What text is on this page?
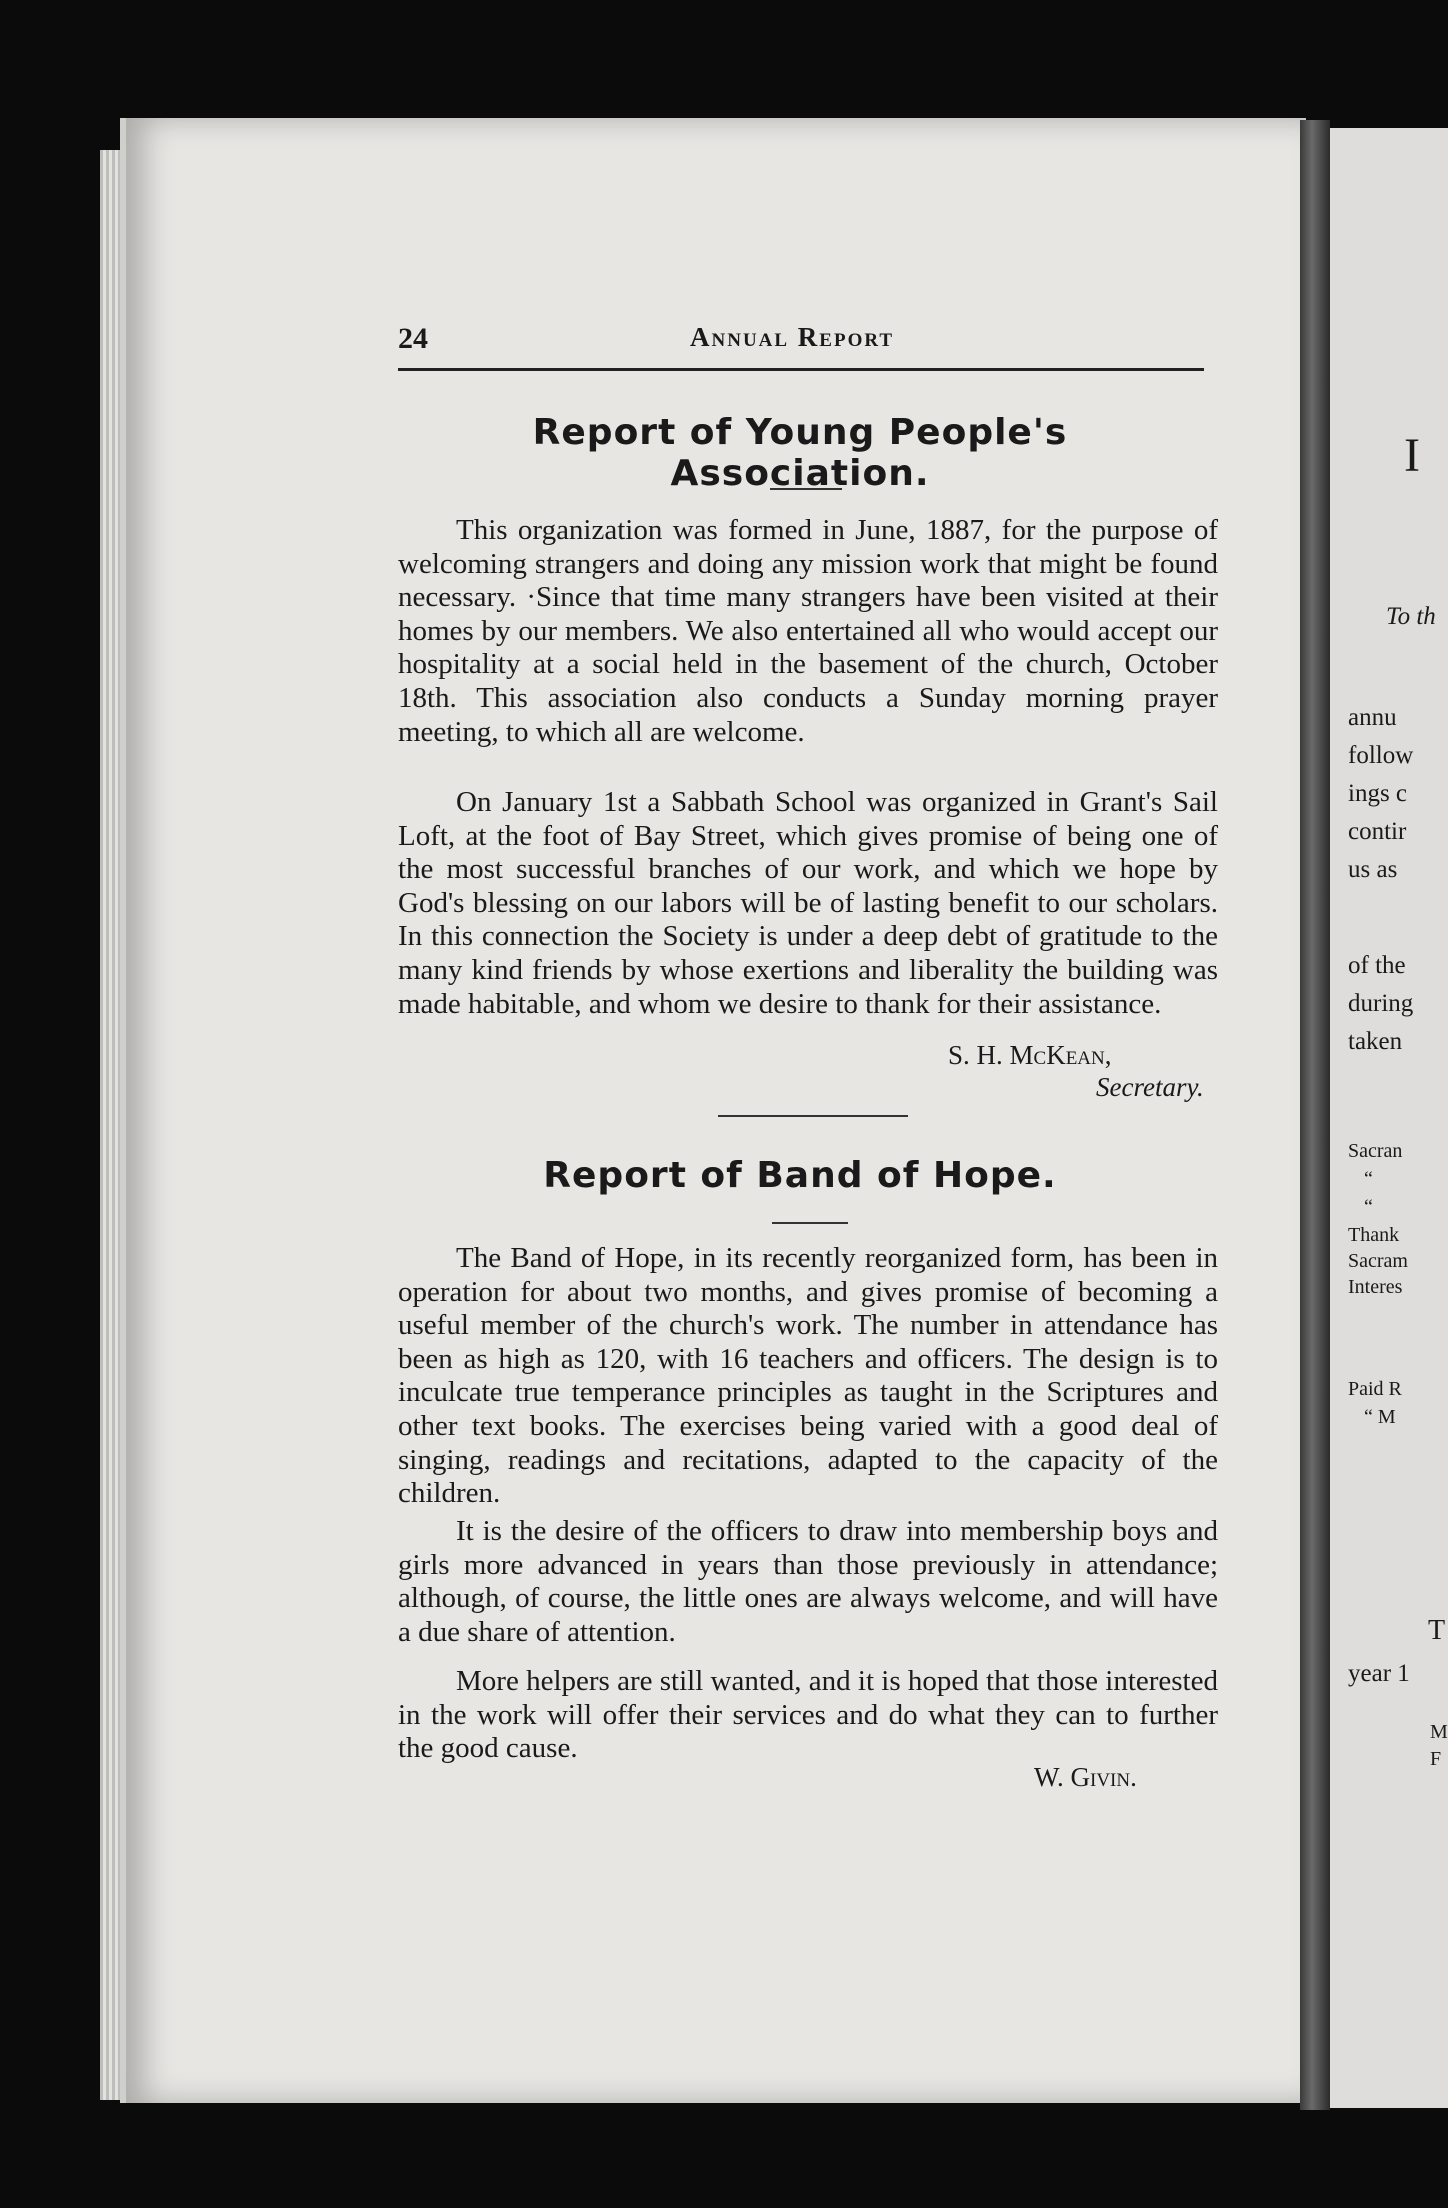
I
To th
annu
follow
ings c
contir
us as
of the
during
taken
Sacran
“
“
Thank
Sacram
Interes
Paid R
“ M
T
year 1
M
F
24	Annual Report
Report of Young People's Association.

This organization was formed in June, 1887, for the purpose of welcoming strangers and doing any mission work that might be found necessary. ·Since that time many strangers have been visited at their homes by our members. We also entertained all who would accept our hospitality at a social held in the basement of the church, October 18th. This association also conducts a Sunday morning prayer meeting, to which all are welcome.

On January 1st a Sabbath School was organized in Grant's Sail Loft, at the foot of Bay Street, which gives promise of being one of the most successful branches of our work, and which we hope by God's blessing on our labors will be of lasting benefit to our scholars. In this connection the Society is under a deep debt of gratitude to the many kind friends by whose exertions and liberality the building was made habitable, and whom we desire to thank for their assistance.

S. H. McKean,
Secretary.
Report of Band of Hope.

The Band of Hope, in its recently reorganized form, has been in operation for about two months, and gives promise of becoming a useful member of the church's work. The number in attendance has been as high as 120, with 16 teachers and officers. The design is to inculcate true temperance principles as taught in the Scriptures and other text books. The exercises being varied with a good deal of singing, readings and recitations, adapted to the capacity of the children.

It is the desire of the officers to draw into membership boys and girls more advanced in years than those previously in attendance; although, of course, the little ones are always welcome, and will have a due share of attention.

More helpers are still wanted, and it is hoped that those interested in the work will offer their services and do what they can to further the good cause.

W. Givin.
